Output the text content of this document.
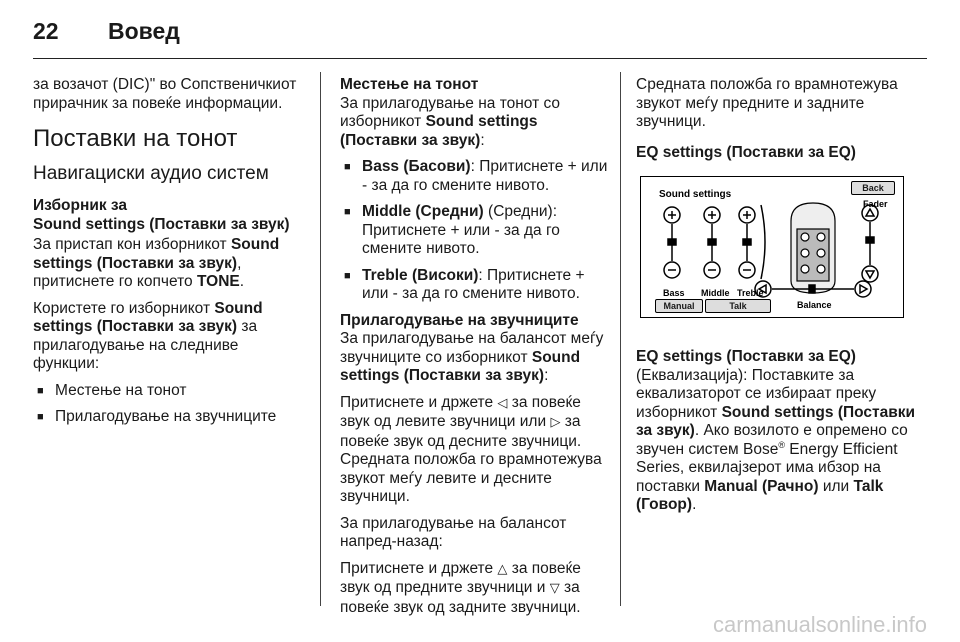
22 Вовед

за возачот (DIC)" во Сопственичкиот прирачник за повеќе информации.

Поставки на тонот
Навигациски аудио систем
Изборник за
Sound settings (Поставки за звук)

За пристап кон изборникот Sound settings (Поставки за звук), притиснете го копчето TONE.

Користете го изборникот Sound settings (Поставки за звук) за прилагодување на следниве функции:

■ Местење на тонот
■ Прилагодување на звучниците
Местење на тонот

За прилагодување на тонот со изборникот Sound settings (Поставки за звук):

■ Bass (Басови): Притиснете + или - за да го смените нивото.
■ Middle (Средни) (Средни): Притиснете + или - за да го смените нивото.
■ Treble (Високи): Притиснете + или - за да го смените нивото.
Прилагодување на звучниците

За прилагодување на балансот меѓу звучниците со изборникот Sound settings (Поставки за звук):

Притиснете и држете ◁ за повеќе звук од левите звучници или ▷ за повеќе звук од десните звучници. Средната положба го врамнотежува звукот меѓу левите и десните звучници.

За прилагодување на балансот напред-назад:

Притиснете и држете △ за повеќе звук од предните звучници и ▽ за повеќе звук од задните звучници.

Средната положба го врамнотежува звукот меѓу предните и задните звучници.

EQ settings (Поставки за EQ)
Sound settings
Back
Fader
Bass Middle Treble
Balance
Manual	Talk

EQ settings (Поставки за EQ) (Еквализација): Поставките за еквализаторот се избираат преку изборникот Sound settings (Поставки за звук). Ако возилото е опремено со звучен систем Bose® Energy Efficient Series, еквилајзерот има ибзор на поставки Manual (Рачно) или Talk (Говор).

carmanualsonline.info
